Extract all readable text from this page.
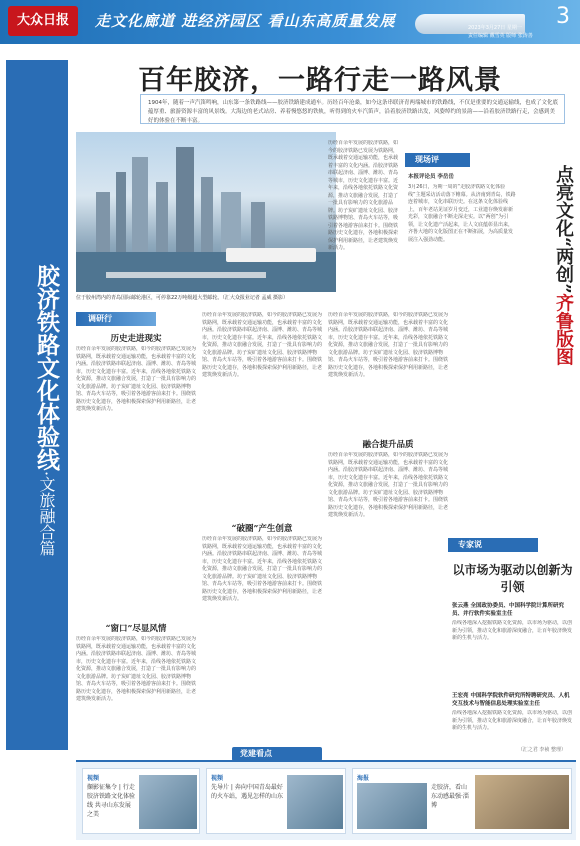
大众日报	走文化廊道 进经济园区 看山东高质量发展	3
2023年3月27日 星期一
责任编辑 戴雪英 版师 张涛善
胶济铁路文化体验线·文旅融合篇
百年胶济，一路行走一路风景
1904年，随着一声汽笛鸣响，山东第一条铁路线——胶济铁路建成通车。历经百年沧桑，如今这条串联济青两端城市的铁路线，不仅是重要的交通运输线，也成了文化底蕴厚重、旅游资源丰富的风景线。大海边的老式站房、养着慢悠悠的铁轨，听得到的火车汽笛声，沿着胶济铁路出发，风姿绰约的景韵——沿着胶济铁路行走，会感到美好的体验在不断丰富。
位于胶州湾内的青岛国际邮轮港区，可停靠22万吨级超大型邮轮。（汇大众报业记者 孟威 摄影）
调研行
历史走进现实
历经百余年发展的胶济铁路，如今的胶济铁路已发展为铁路网，既承载着交通运输功能，也承载着丰富的文化内涵。沿胶济铁路串联起济南、淄博、潍坊、青岛等城市，历史文化遗存丰富。近年来，沿线各地依托铁路文化资源，推动文旅融合发展，打造了一批具有影响力的文化旅游品牌。坊子炭矿遗址文化园、胶济铁路博物馆、青岛火车站等，吸引着各地游客前来打卡。围绕铁路历史文化遗存，各地积极探索保护利用新路径，让老建筑焕发新活力。
“窗口”尽显风情
历经百余年发展的胶济铁路，如今的胶济铁路已发展为铁路网，既承载着交通运输功能，也承载着丰富的文化内涵。沿胶济铁路串联起济南、淄博、潍坊、青岛等城市，历史文化遗存丰富。近年来，沿线各地依托铁路文化资源，推动文旅融合发展，打造了一批具有影响力的文化旅游品牌。坊子炭矿遗址文化园、胶济铁路博物馆、青岛火车站等，吸引着各地游客前来打卡。围绕铁路历史文化遗存，各地积极探索保护利用新路径，让老建筑焕发新活力。
历经百余年发展的胶济铁路，如今的胶济铁路已发展为铁路网，既承载着交通运输功能，也承载着丰富的文化内涵。沿胶济铁路串联起济南、淄博、潍坊、青岛等城市，历史文化遗存丰富。近年来，沿线各地依托铁路文化资源，推动文旅融合发展，打造了一批具有影响力的文化旅游品牌。坊子炭矿遗址文化园、胶济铁路博物馆、青岛火车站等，吸引着各地游客前来打卡。围绕铁路历史文化遗存，各地积极探索保护利用新路径，让老建筑焕发新活力。
“破圈”产生创意
历经百余年发展的胶济铁路，如今的胶济铁路已发展为铁路网，既承载着交通运输功能，也承载着丰富的文化内涵。沿胶济铁路串联起济南、淄博、潍坊、青岛等城市，历史文化遗存丰富。近年来，沿线各地依托铁路文化资源，推动文旅融合发展，打造了一批具有影响力的文化旅游品牌。坊子炭矿遗址文化园、胶济铁路博物馆、青岛火车站等，吸引着各地游客前来打卡。围绕铁路历史文化遗存，各地积极探索保护利用新路径，让老建筑焕发新活力。
历经百余年发展的胶济铁路，如今的胶济铁路已发展为铁路网，既承载着交通运输功能，也承载着丰富的文化内涵。沿胶济铁路串联起济南、淄博、潍坊、青岛等城市，历史文化遗存丰富。近年来，沿线各地依托铁路文化资源，推动文旅融合发展，打造了一批具有影响力的文化旅游品牌。坊子炭矿遗址文化园、胶济铁路博物馆、青岛火车站等，吸引着各地游客前来打卡。围绕铁路历史文化遗存，各地积极探索保护利用新路径，让老建筑焕发新活力。
历经百余年发展的胶济铁路，如今的胶济铁路已发展为铁路网，既承载着交通运输功能，也承载着丰富的文化内涵。沿胶济铁路串联起济南、淄博、潍坊、青岛等城市，历史文化遗存丰富。近年来，沿线各地依托铁路文化资源，推动文旅融合发展，打造了一批具有影响力的文化旅游品牌。坊子炭矿遗址文化园、胶济铁路博物馆、青岛火车站等，吸引着各地游客前来打卡。围绕铁路历史文化遗存，各地积极探索保护利用新路径，让老建筑焕发新活力。
融合提升品质
历经百余年发展的胶济铁路，如今的胶济铁路已发展为铁路网，既承载着交通运输功能，也承载着丰富的文化内涵。沿胶济铁路串联起济南、淄博、潍坊、青岛等城市，历史文化遗存丰富。近年来，沿线各地依托铁路文化资源，推动文旅融合发展，打造了一批具有影响力的文化旅游品牌。坊子炭矿遗址文化园、胶济铁路博物馆、青岛火车站等，吸引着各地游客前来打卡。围绕铁路历史文化遗存，各地积极探索保护利用新路径，让老建筑焕发新活力。
现场评
点亮文化“两创”齐鲁版图
本报评论员 李岳岳
3月26日，为期一周的“走胶济铁路文化体验线”主题采访活动落下帷幕。从济南到青岛，铁路连着城市，文化串联历史。在这条文化体验线上，百年老站见证岁月变迁，工业遗存焕发崭新光彩，文旅融合不断走深走实。以“两创”为引领，让文化遗产活起来，让人文底蕴彰显出来，齐鲁大地的文化版图正在不断拓展，为高质量发展注入强劲动能。
专家说
以市场为驱动以创新为引领
张云燕 全国政协委员、中国科学院计算所研究员、并行软件实验室主任
沿线各地深入挖掘铁路文化资源，以市场为驱动，以创新为引领，推动文化和旅游深度融合，让百年胶济焕发新的生机与活力。
王宏亮 中国科学院软件研究所特聘研究员、人机交互技术与智能信息处理实验室主任
沿线各地深入挖掘铁路文化资源，以市场为驱动，以创新为引领，推动文化和旅游深度融合，让百年胶济焕发新的生机与活力。
（汇之君 李祯 整理）
党建看点
视频
撷影征集令 | 行走胶济铁路文化体验线 共寻山东发展之美
视频
先导片 | 奔向中国青岛最好的火车站，遇见怎样的山东
海报
走胶济，看山东动感最强·淄博
